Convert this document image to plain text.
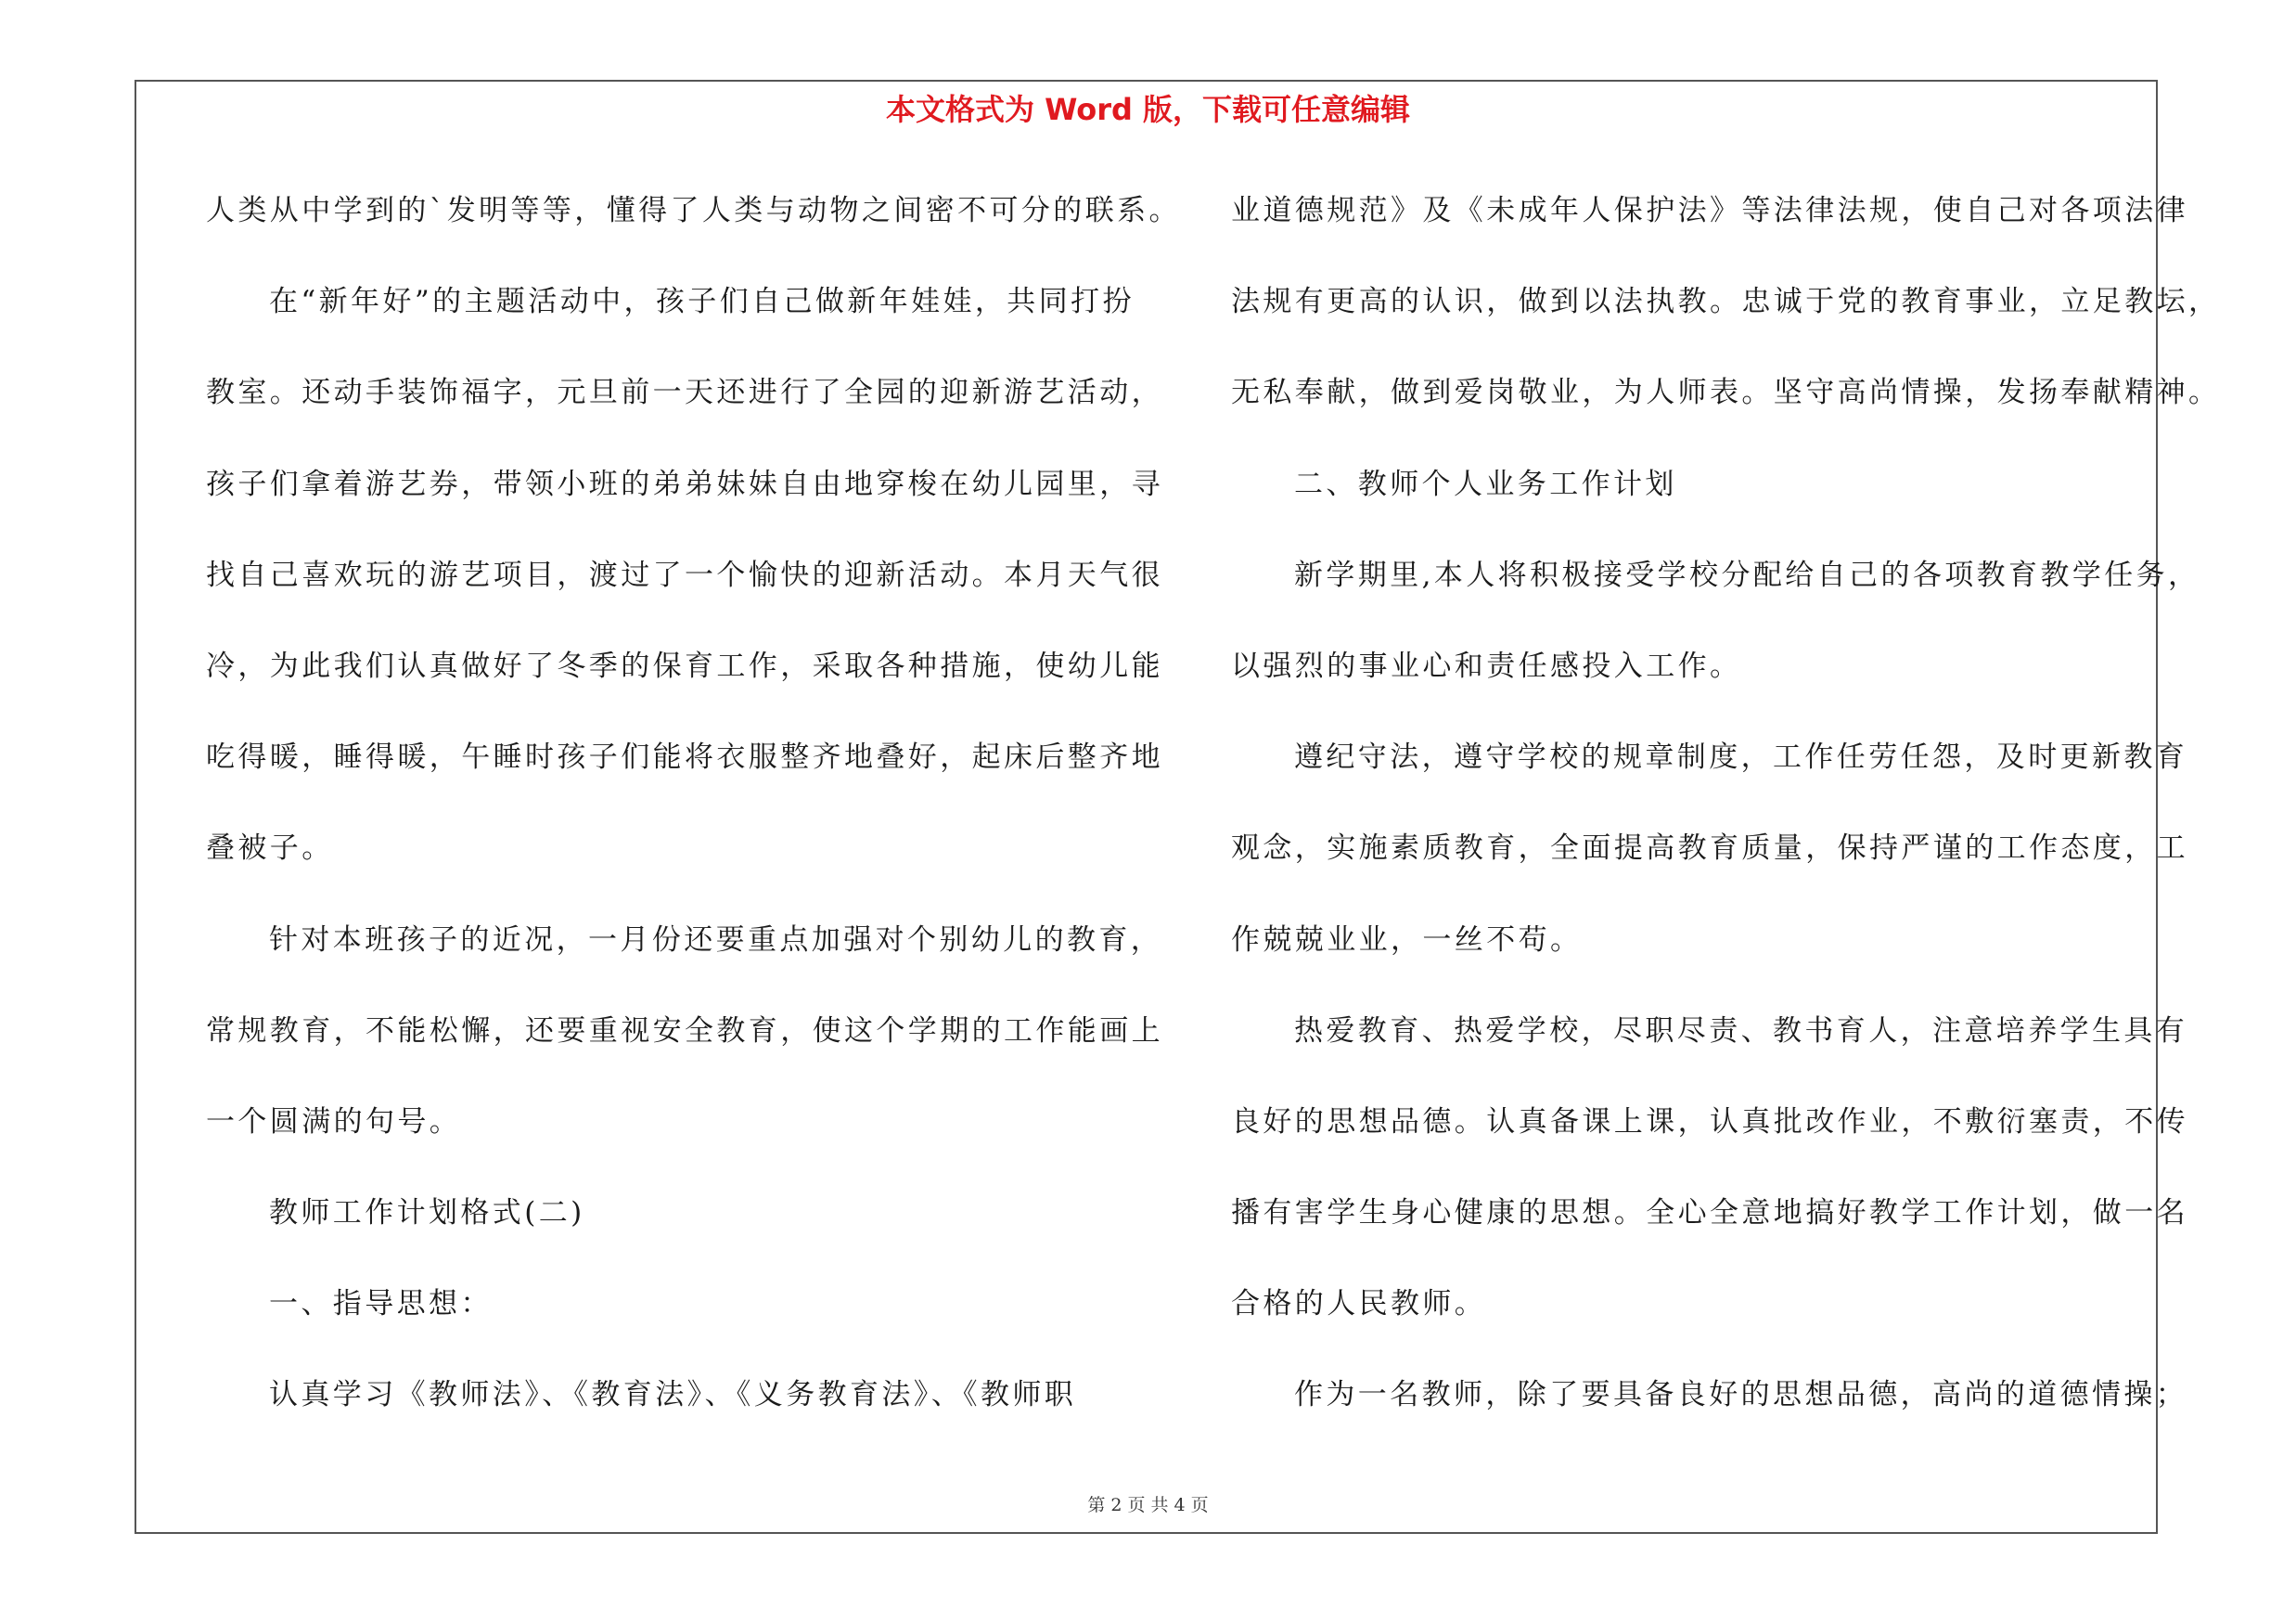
本文格式为 Word 版，下载可任意编辑
人类从中学到的`发明等等，懂得了人类与动物之间密不可分的联系。
在“新年好”的主题活动中，孩子们自己做新年娃娃，共同打扮
教室。还动手装饰福字，元旦前一天还进行了全园的迎新游艺活动，
孩子们拿着游艺券，带领小班的弟弟妹妹自由地穿梭在幼儿园里，寻
找自己喜欢玩的游艺项目，渡过了一个愉快的迎新活动。本月天气很
冷，为此我们认真做好了冬季的保育工作，采取各种措施，使幼儿能
吃得暖，睡得暖，午睡时孩子们能将衣服整齐地叠好，起床后整齐地
叠被子。
针对本班孩子的近况，一月份还要重点加强对个别幼儿的教育，
常规教育，不能松懈，还要重视安全教育，使这个学期的工作能画上
一个圆满的句号。
教师工作计划格式(二)
一、指导思想：
认真学习《教师法》、《教育法》、《义务教育法》、《教师职
业道德规范》及《未成年人保护法》等法律法规，使自己对各项法律
法规有更高的认识，做到以法执教。忠诚于党的教育事业，立足教坛，
无私奉献，做到爱岗敬业，为人师表。坚守高尚情操，发扬奉献精神。
二、教师个人业务工作计划
新学期里,本人将积极接受学校分配给自己的各项教育教学任务，
以强烈的事业心和责任感投入工作。
遵纪守法，遵守学校的规章制度，工作任劳任怨，及时更新教育
观念，实施素质教育，全面提高教育质量，保持严谨的工作态度，工
作兢兢业业，一丝不苟。
热爱教育、热爱学校，尽职尽责、教书育人，注意培养学生具有
良好的思想品德。认真备课上课，认真批改作业，不敷衍塞责，不传
播有害学生身心健康的思想。全心全意地搞好教学工作计划，做一名
合格的人民教师。
作为一名教师，除了要具备良好的思想品德，高尚的道德情操；
第 2 页 共 4 页
